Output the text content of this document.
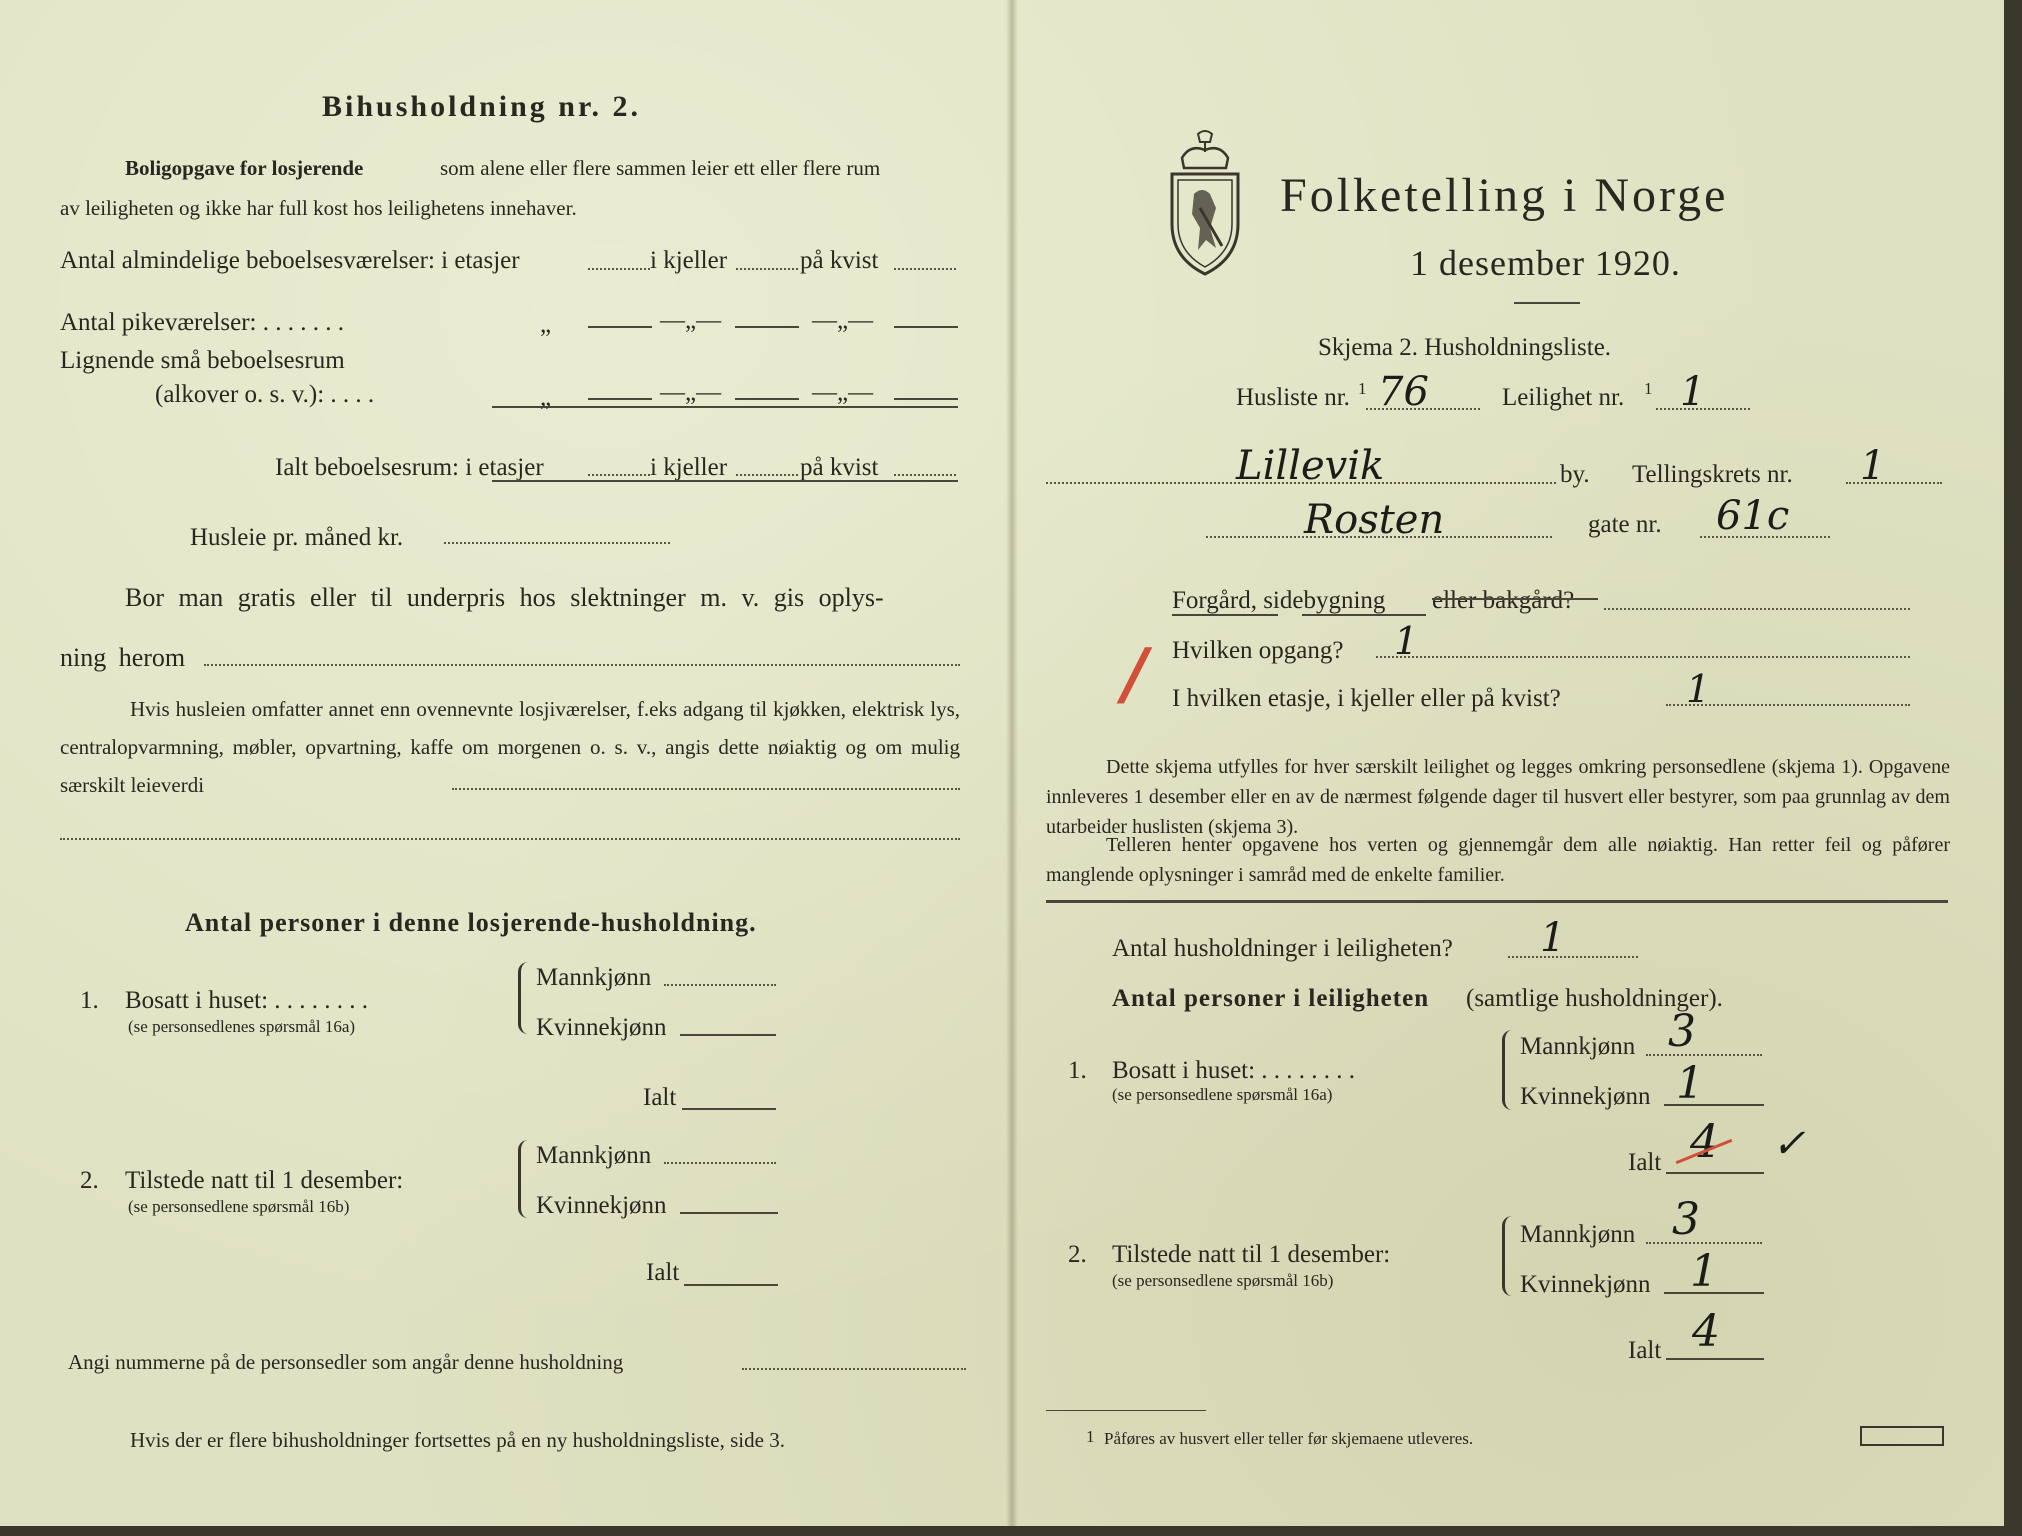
Bihusholdning nr. 2.
Boligopgave for losjerende	som alene eller flere sammen leier ett eller flere rum
av leiligheten og ikke har full kost hos leilighetens innehaver.
Antal almindelige beboelsesværelser: i etasjer	i kjeller	på kvist
Antal pikeværelser: . . . . . . .	„	—„—	—„—
Lignende små beboelsesrum
(alkover o. s. v.): . . . .	„	—„—	—„—
Ialt beboelsesrum: i etasjer	i kjeller	på kvist
Husleie pr. måned kr.
Bor man gratis eller til underpris hos slektninger m. v. gis oplys-
ning herom
Hvis husleien omfatter annet enn ovennevnte losjiværelser, f.eks adgang til kjøkken, elektrisk lys, centralopvarmning, møbler, opvartning, kaffe om morgenen o. s. v., angis dette nøiaktig og om mulig særskilt leieverdi
Antal personer i denne losjerende-husholdning.
1. Bosatt i huset: . . . . . . . .
(se personsedlenes spørsmål 16a)
Mannkjønn
Kvinnekjønn
Ialt
2. Tilstede natt til 1 desember:
(se personsedlene spørsmål 16b)
Mannkjønn
Kvinnekjønn
Ialt
Angi nummerne på de personsedler som angår denne husholdning
Hvis der er flere bihusholdninger fortsettes på en ny husholdningsliste, side 3.
Folketelling i Norge
1 desember 1920.
Skjema 2. Husholdningsliste.
Husliste nr. 1 76	Leilighet nr. 1 1
Lillevik	by. Tellingskrets nr. 1
Rosten	gate nr. 61c
Forgård, sidebygning eller bakgård?
Hvilken opgang? 1
/ I hvilken etasje, i kjeller eller på kvist?	1
Dette skjema utfylles for hver særskilt leilighet og legges omkring personsedlene (skjema 1). Opgavene innleveres 1 desember eller en av de nærmest følgende dager til husvert eller bestyrer, som paa grunnlag av dem utarbeider huslisten (skjema 3).
Telleren henter opgavene hos verten og gjennemgår dem alle nøiaktig. Han retter feil og påfører manglende oplysninger i samråd med de enkelte familier.
Antal husholdninger i leiligheten? 1
Antal personer i leiligheten (samtlige husholdninger).
1. Bosatt i huset: . . . . . . . .
(se personsedlene spørsmål 16a)
Mannkjønn 3
Kvinnekjønn 1
Ialt 4 ✓
2. Tilstede natt til 1 desember:
(se personsedlene spørsmål 16b)
Mannkjønn 3
Kvinnekjønn 1
Ialt 4
1 Påføres av husvert eller teller før skjemaene utleveres.
